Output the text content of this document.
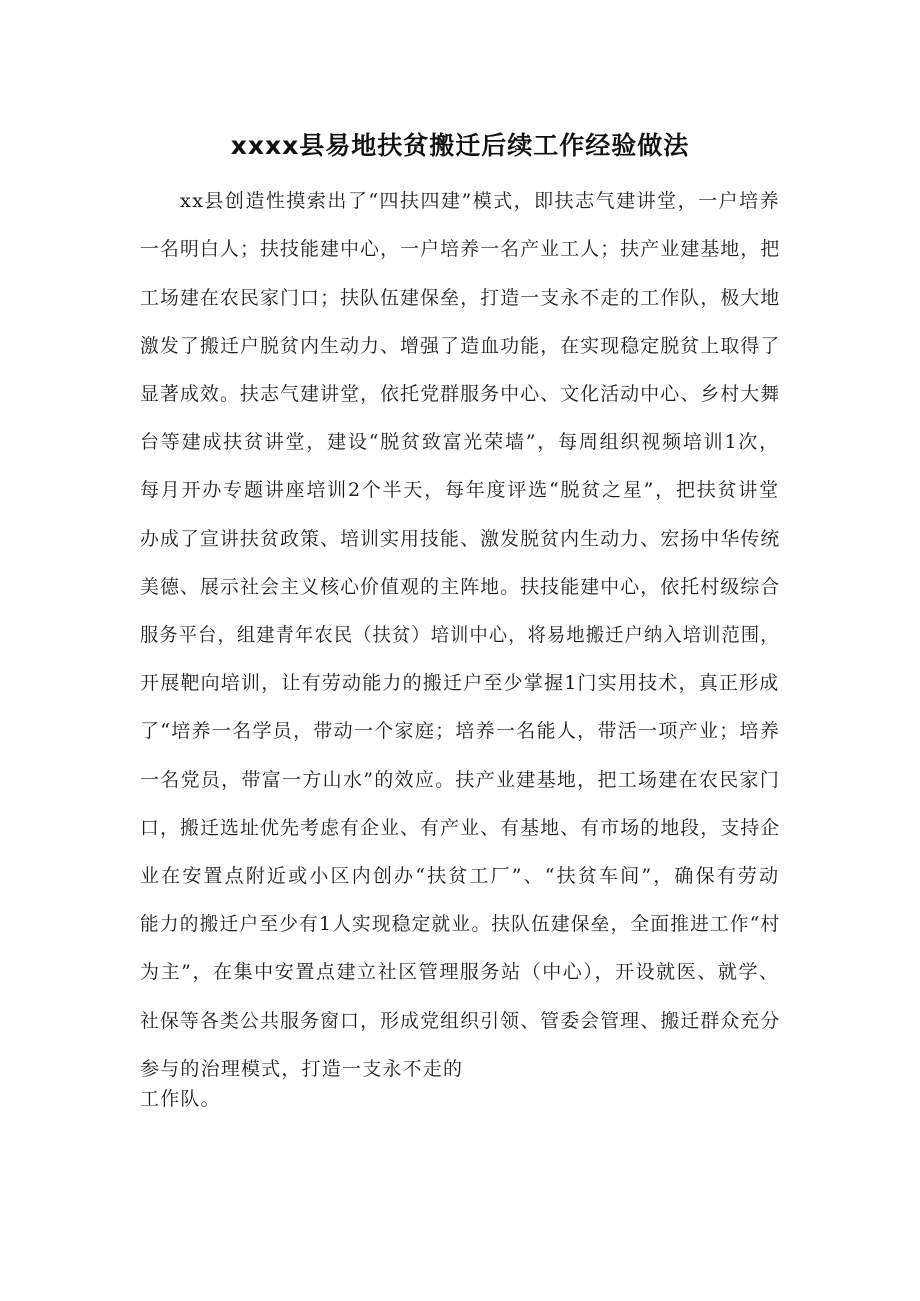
xxxx县易地扶贫搬迁后续工作经验做法
xx县创造性摸索出了“四扶四建”模式，即扶志气建讲堂，一户培养
一名明白人；扶技能建中心，一户培养一名产业工人；扶产业建基地，把
工场建在农民家门口；扶队伍建保垒，打造一支永不走的工作队，极大地
激发了搬迁户脱贫内生动力、增强了造血功能，在实现稳定脱贫上取得了
显著成效。扶志气建讲堂，依托党群服务中心、文化活动中心、乡村大舞
台等建成扶贫讲堂，建设“脱贫致富光荣墙”，每周组织视频培训1次，
每月开办专题讲座培训2个半天，每年度评选“脱贫之星”，把扶贫讲堂
办成了宣讲扶贫政策、培训实用技能、激发脱贫内生动力、宏扬中华传统
美德、展示社会主义核心价值观的主阵地。扶技能建中心，依托村级综合
服务平台，组建青年农民（扶贫）培训中心，将易地搬迁户纳入培训范围，
开展靶向培训，让有劳动能力的搬迁户至少掌握1门实用技术，真正形成
了“培养一名学员，带动一个家庭；培养一名能人，带活一项产业；培养
一名党员，带富一方山水”的效应。扶产业建基地，把工场建在农民家门
口，搬迁选址优先考虑有企业、有产业、有基地、有市场的地段，支持企
业在安置点附近或小区内创办“扶贫工厂”、“扶贫车间”，确保有劳动
能力的搬迁户至少有1人实现稳定就业。扶队伍建保垒，全面推进工作“村
为主”，在集中安置点建立社区管理服务站（中心），开设就医、就学、
社保等各类公共服务窗口，形成党组织引领、管委会管理、搬迁群众充分
参与的治理模式，打造一支永不走的
工作队。
